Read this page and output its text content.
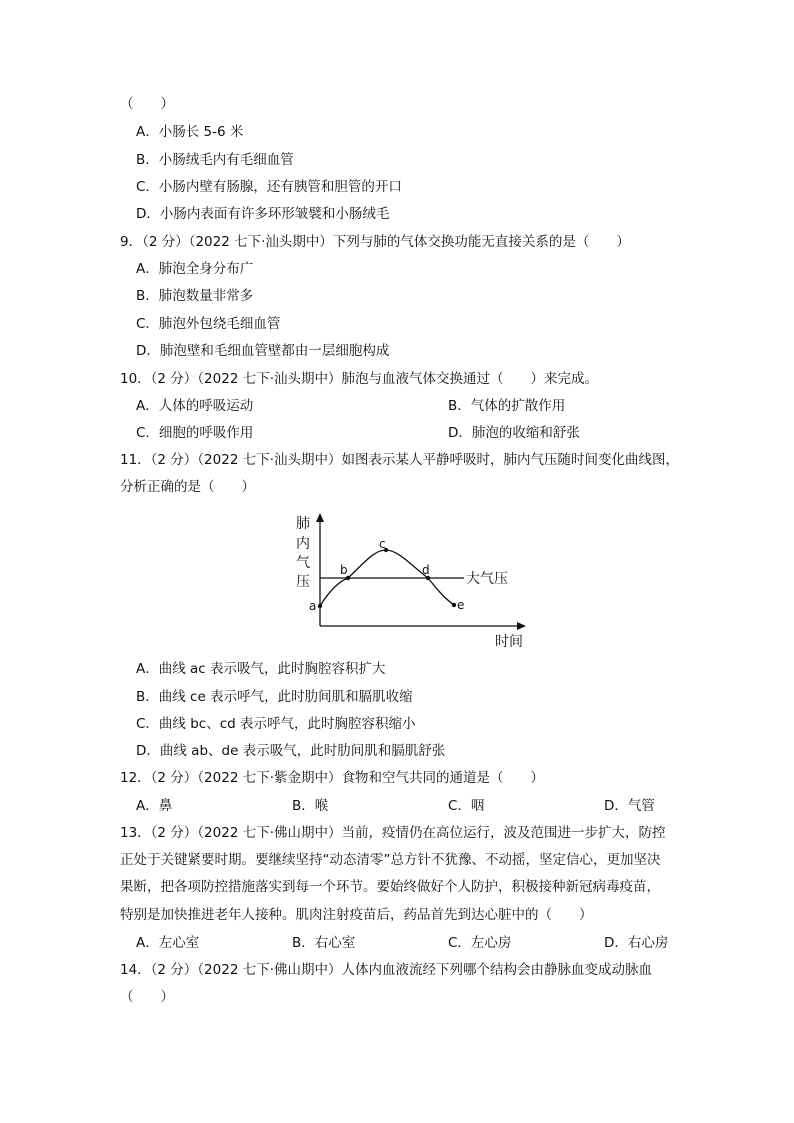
（　　）
A．小肠长 5-6 米
B．小肠绒毛内有毛细血管
C．小肠内壁有肠腺，还有胰管和胆管的开口
D．小肠内表面有许多环形皱襞和小肠绒毛
9．（2 分）（2022 七下·汕头期中）下列与肺的气体交换功能无直接关系的是（　　）
A．肺泡全身分布广
B．肺泡数量非常多
C．肺泡外包绕毛细血管
D．肺泡壁和毛细血管壁都由一层细胞构成
10．（2 分）（2022 七下·汕头期中）肺泡与血液气体交换通过（　　）来完成。
A．人体的呼吸运动	B．气体的扩散作用
C．细胞的呼吸作用	D．肺泡的收缩和舒张
11．（2 分）（2022 七下·汕头期中）如图表示某人平静呼吸时，肺内气压随时间变化曲线图，
分析正确的是（　　）
肺
内
气
压	大气压
a
b
c
d
e
时间
A．曲线 ac 表示吸气，此时胸腔容积扩大
B．曲线 ce 表示呼气，此时肋间肌和膈肌收缩
C．曲线 bc、cd 表示呼气，此时胸腔容积缩小
D．曲线 ab、de 表示吸气，此时肋间肌和膈肌舒张
12．（2 分）（2022 七下·紫金期中）食物和空气共同的通道是（　　）
A．鼻	B．喉	C．咽	D．气管
13．（2 分）（2022 七下·佛山期中）当前，疫情仍在高位运行，波及范围进一步扩大，防控
正处于关键紧要时期。要继续坚持“动态清零”总方针不犹豫、不动摇，坚定信心，更加坚决
果断，把各项防控措施落实到每一个环节。要始终做好个人防护，积极接种新冠病毒疫苗，
特别是加快推进老年人接种。肌肉注射疫苗后，药品首先到达心脏中的（　　）
A．左心室	B．右心室	C．左心房	D．右心房
14．（2 分）（2022 七下·佛山期中）人体内血液流经下列哪个结构会由静脉血变成动脉血
（　　）
